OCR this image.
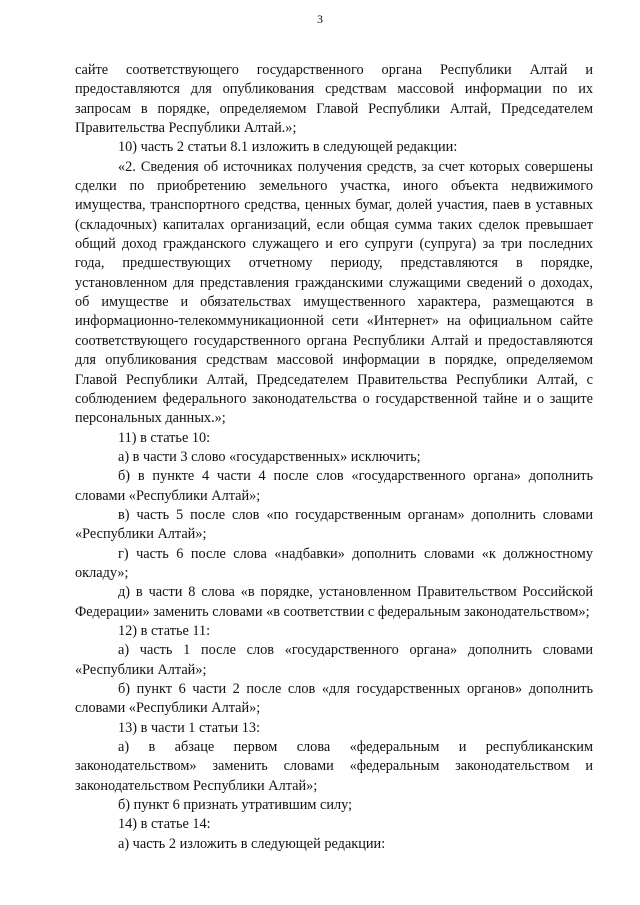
3

сайте соответствующего государственного органа Республики Алтай и предоставляются для опубликования средствам массовой информации по их запросам в порядке, определяемом Главой Республики Алтай, Председателем Правительства Республики Алтай.»;

10) часть 2 статьи 8.1 изложить в следующей редакции:

«2. Сведения об источниках получения средств, за счет которых совершены сделки по приобретению земельного участка, иного объекта недвижимого имущества, транспортного средства, ценных бумаг, долей участия, паев в уставных (складочных) капиталах организаций, если общая сумма таких сделок превышает общий доход гражданского служащего и его супруги (супруга) за три последних года, предшествующих отчетному периоду, представляются в порядке, установленном для представления гражданскими служащими сведений о доходах, об имуществе и обязательствах имущественного характера, размещаются в информационно-телекоммуникационной сети «Интернет» на официальном сайте соответствующего государственного органа Республики Алтай и предоставляются для опубликования средствам массовой информации в порядке, определяемом Главой Республики Алтай, Председателем Правительства Республики Алтай, с соблюдением федерального законодательства о государственной тайне и о защите персональных данных.»;

11) в статье 10:

а) в части 3 слово «государственных» исключить;

б) в пункте 4 части 4 после слов «государственного органа» дополнить словами «Республики Алтай»;

в) часть 5 после слов «по государственным органам» дополнить словами «Республики Алтай»;

г) часть 6 после слова «надбавки» дополнить словами «к должностному окладу»;

д) в части 8 слова «в порядке, установленном Правительством Российской Федерации» заменить словами «в соответствии с федеральным законодательством»;

12) в статье 11:

а) часть 1 после слов «государственного органа» дополнить словами «Республики Алтай»;

б) пункт 6 части 2 после слов «для государственных органов» дополнить словами «Республики Алтай»;

13) в части 1 статьи 13:

а) в абзаце первом слова «федеральным и республиканским законодательством» заменить словами «федеральным законодательством и законодательством Республики Алтай»;

б) пункт 6 признать утратившим силу;

14) в статье 14:

а) часть 2 изложить в следующей редакции:
